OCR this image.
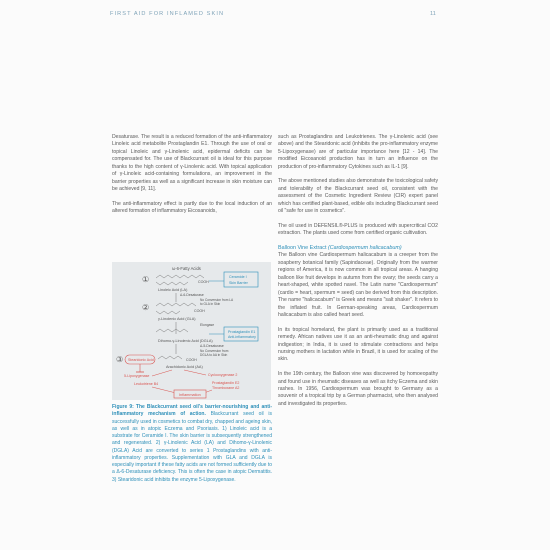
FIRST AID FOR INFLAMED SKIN	11

Desaturase. The result is a reduced formation of the anti-inflammatory Linoleic acid metabolite Prostaglandin E1. Through the use of oral or topical Linoleic and γ-Linolenic acid, epidermal deficits can be compensated for. The use of Blackcurrant oil is ideal for this purpose thanks to the high content of γ-Linolenic acid. With topical application of γ-Linoleic acid-containing formulations, an improvement in the barrier properties as well as a significant increase in skin moisture can be achieved [9, 11].

The anti-inflammatory effect is partly due to the local induction of an altered formation of inflammatory Eicosanoids,

ω-6-Fatty Acids
①	COOH
Linoleic Acid (LA)
Ceramide I
Skin Barrier
Δ-6-Desaturase
No Conversion from LA
to GLA in Skin
②	COOH
γ-Linolenic Acid (GLA)
Elongase
Prostaglandin E1
Anti-inflammatory
Dihomo-γ-Linolenic Acid (DGLA)
Δ-5-Desaturase
No Conversion from
DGLA to AA in Skin
③ Stearidonic Acid	COOH
Arachidonic Acid (AA)
5-Lipoxygenase	Cyclooxygenase 2
Leukotriene B4	Prostaglandin E2
Thromboxane A2
Inflammation
Figure 9: The Blackcurrant seed oil's barrier-nourishing and anti-inflammatory mechanism of action. Blackcurrant seed oil is successfully used in cosmetics to combat dry, chapped and ageing skin, as well as in atopic Eczema and Psoriasis. 1) Linoleic acid is a substrate for Ceramide I. The skin barrier is subsequently strengthened and regenerated. 2) γ-Linolenic Acid (LA) and Dihomo-γ-Linolenic (DGLA) Acid are converted to series 1 Prostaglandins with anti-inflammatory properties. Supplementation with GLA and DGLA is especially important if these fatty acids are not formed sufficiently due to a Δ-6-Desaturase deficiency. This is often the case in atopic Dermatitis. 3) Stearidonic acid inhibits the enzyme 5-Lipoxygenase.

such as Prostaglandins and Leukotrienes. The γ-Linolenic acid (see above) and the Stearidonic acid (inhibits the pro-inflammatory enzyme 5-Lipoxygenase) are of particular importance here [12 - 14]. The modified Eicosanoid production has in turn an influence on the production of pro-inflammatory Cytokines such as IL-1 [9].

The above mentioned studies also demonstrate the toxicological safety and tolerability of the Blackcurrant seed oil, consistent with the assessment of the Cosmetic Ingredient Review (CIR) expert panel which has certified plant-based, edible oils including Blackcurrant seed oil "safe for use in cosmetics".

The oil used in DEFENSIL®-PLUS is produced with supercritical CO2 extraction. The plants used come from certified organic cultivation.

Balloon Vine Extract (Cardiospermum halicacabum)

The Balloon vine Cardiospermum halicacabum is a creeper from the soapberry botanical family (Sapindaceae). Originally from the warmer regions of America, it is now common in all tropical areas. A hanging balloon like fruit develops in autumn from the ovary; the seeds carry a heart-shaped, white spotted navel. The Latin name "Cardiospermum" (cardio = heart, spermum = seed) can be derived from this description. The name "halicacabum" is Greek and means "salt shaker". It refers to the inflated fruit. In German-speaking areas, Cardiospermum halicacabum is also called heart seed.

In its tropical homeland, the plant is primarily used as a traditional remedy. African natives use it as an anti-rheumatic drug and against indigestion; in India, it is used to stimulate contractions and helps nursing mothers in lactation while in Brazil, it is used for scaling of the skin.

In the 19th century, the Balloon vine was discovered by homoeopathy and found use in rheumatic diseases as well as itchy Eczema and skin rashes. In 1956, Cardiospermum was brought to Germany as a souvenir of a tropical trip by a German pharmacist, who then analysed and investigated its properties.
